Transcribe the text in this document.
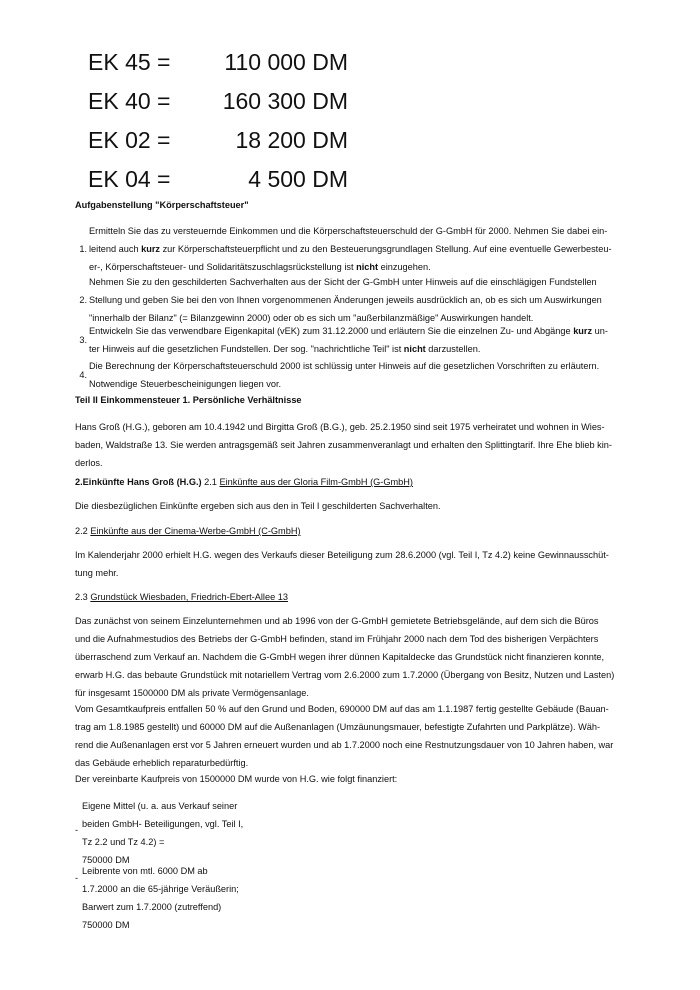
EK 45 =	110 000 DM
EK 40 =	160 300 DM
EK 02 =	18 200 DM
EK 04 =	4 500 DM
Aufgabenstellung "Körperschaftsteuer"
1.
Ermitteln Sie das zu versteuernde Einkommen und die Körperschaftsteuerschuld der G-GmbH für 2000. Nehmen Sie dabei ein-
leitend auch kurz zur Körperschaftsteuerpflicht und zu den Besteuerungsgrundlagen Stellung. Auf eine eventuelle Gewerbesteu-
er-, Körperschaftsteuer- und Solidaritätszuschlagsrückstellung ist nicht einzugehen.
2.
Nehmen Sie zu den geschilderten Sachverhalten aus der Sicht der G-GmbH unter Hinweis auf die einschlägigen Fundstellen
Stellung und geben Sie bei den von Ihnen vorgenommenen Änderungen jeweils ausdrücklich an, ob es sich um Auswirkungen
"innerhalb der Bilanz" (= Bilanzgewinn 2000) oder ob es sich um "außerbilanzmäßige" Auswirkungen handelt.
3.
Entwickeln Sie das verwendbare Eigenkapital (vEK) zum 31.12.2000 und erläutern Sie die einzelnen Zu- und Abgänge kurz un-
ter Hinweis auf die gesetzlichen Fundstellen. Der sog. "nachrichtliche Teil" ist nicht darzustellen.
4.
Die Berechnung der Körperschaftsteuerschuld 2000 ist schlüssig unter Hinweis auf die gesetzlichen Vorschriften zu erläutern.
Notwendige Steuerbescheinigungen liegen vor.
Teil II Einkommensteuer 1. Persönliche Verhältnisse
Hans Groß (H.G.), geboren am 10.4.1942 und Birgitta Groß (B.G.), geb. 25.2.1950 sind seit 1975 verheiratet und wohnen in Wies-
baden, Waldstraße 13. Sie werden antragsgemäß seit Jahren zusammenveranlagt und erhalten den Splittingtarif. Ihre Ehe blieb kin-
derlos.
2.Einkünfte Hans Groß (H.G.) 2.1 Einkünfte aus der Gloria Film-GmbH (G-GmbH)
Die diesbezüglichen Einkünfte ergeben sich aus den in Teil I geschilderten Sachverhalten.
2.2 Einkünfte aus der Cinema-Werbe-GmbH (C-GmbH)
Im Kalenderjahr 2000 erhielt H.G. wegen des Verkaufs dieser Beteiligung zum 28.6.2000 (vgl. Teil I, Tz 4.2) keine Gewinnausschüt-
tung mehr.
2.3 Grundstück Wiesbaden, Friedrich-Ebert-Allee 13
Das zunächst von seinem Einzelunternehmen und ab 1996 von der G-GmbH gemietete Betriebsgelände, auf dem sich die Büros
und die Aufnahmestudios des Betriebs der G-GmbH befinden, stand im Frühjahr 2000 nach dem Tod des bisherigen Verpächters
überraschend zum Verkauf an. Nachdem die G-GmbH wegen ihrer dünnen Kapitaldecke das Grundstück nicht finanzieren konnte,
erwarb H.G. das bebaute Grundstück mit notariellem Vertrag vom 2.6.2000 zum 1.7.2000 (Übergang von Besitz, Nutzen und Lasten)
für insgesamt 1500000 DM als private Vermögensanlage.
Vom Gesamtkaufpreis entfallen 50 % auf den Grund und Boden, 690000 DM auf das am 1.1.1987 fertig gestellte Gebäude (Bauan-
trag am 1.8.1985 gestellt) und 60000 DM auf die Außenanlagen (Umzäunungsmauer, befestigte Zufahrten und Parkplätze). Wäh-
rend die Außenanlagen erst vor 5 Jahren erneuert wurden und ab 1.7.2000 noch eine Restnutzungsdauer von 10 Jahren haben, war
das Gebäude erheblich reparaturbedürftig.
Der vereinbarte Kaufpreis von 1500000 DM wurde von H.G. wie folgt finanziert:
-
Eigene Mittel (u. a. aus Verkauf seiner
beiden GmbH- Beteiligungen, vgl. Teil I,
Tz 2.2 und Tz 4.2) =
750000 DM
-
Leibrente von mtl. 6000 DM ab
1.7.2000 an die 65-jährige Veräußerin;
Barwert zum 1.7.2000 (zutreffend)
750000 DM
